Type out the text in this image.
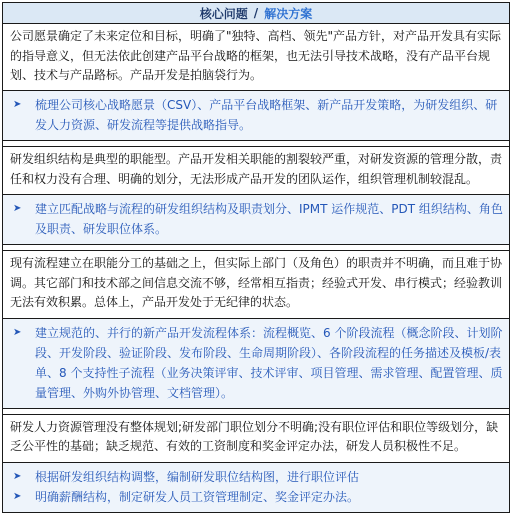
核心问题 / 解决方案
公司愿景确定了未来定位和目标，明确了"独特、高档、领先"产品方针，对产品开发具有实际的指导意义，但无法依此创建产品平台战略的框架，也无法引导技术战略，没有产品平台规划、技术与产品路标。产品开发是拍脑袋行为。
➤	梳理公司核心战略愿景（CSV）、产品平台战略框架、新产品开发策略，为研发组织、研发人力资源、研发流程等提供战略指导。
研发组织结构是典型的职能型。产品开发相关职能的割裂较严重，对研发资源的管理分散，责任和权力没有合理、明确的划分，无法形成产品开发的团队运作，组织管理机制较混乱。
➤	建立匹配战略与流程的研发组织结构及职责划分、IPMT 运作规范、PDT 组织结构、角色及职责、研发职位体系。
现有流程建立在职能分工的基础之上，但实际上部门（及角色）的职责并不明确，而且难于协调。其它部门和技术部之间信息交流不够，经常相互指责；经验式开发、串行模式；经验教训无法有效积累。总体上，产品开发处于无纪律的状态。
➤	建立规范的、并行的新产品开发流程体系：流程概览、6 个阶段流程（概念阶段、计划阶段、开发阶段、验证阶段、发布阶段、生命周期阶段）、各阶段流程的任务描述及模板/表单、8 个支持性子流程（业务决策评审、技术评审、项目管理、需求管理、配置管理、质量管理、外购外协管理、文档管理）。
研发人力资源管理没有整体规划;研发部门职位划分不明确;没有职位评估和职位等级划分，缺乏公平性的基础；缺乏规范、有效的工资制度和奖金评定办法，研发人员积极性不足。
➤	根据研发组织结构调整，编制研发职位结构图，进行职位评估
➤	明确薪酬结构，制定研发人员工资管理制定、奖金评定办法。
